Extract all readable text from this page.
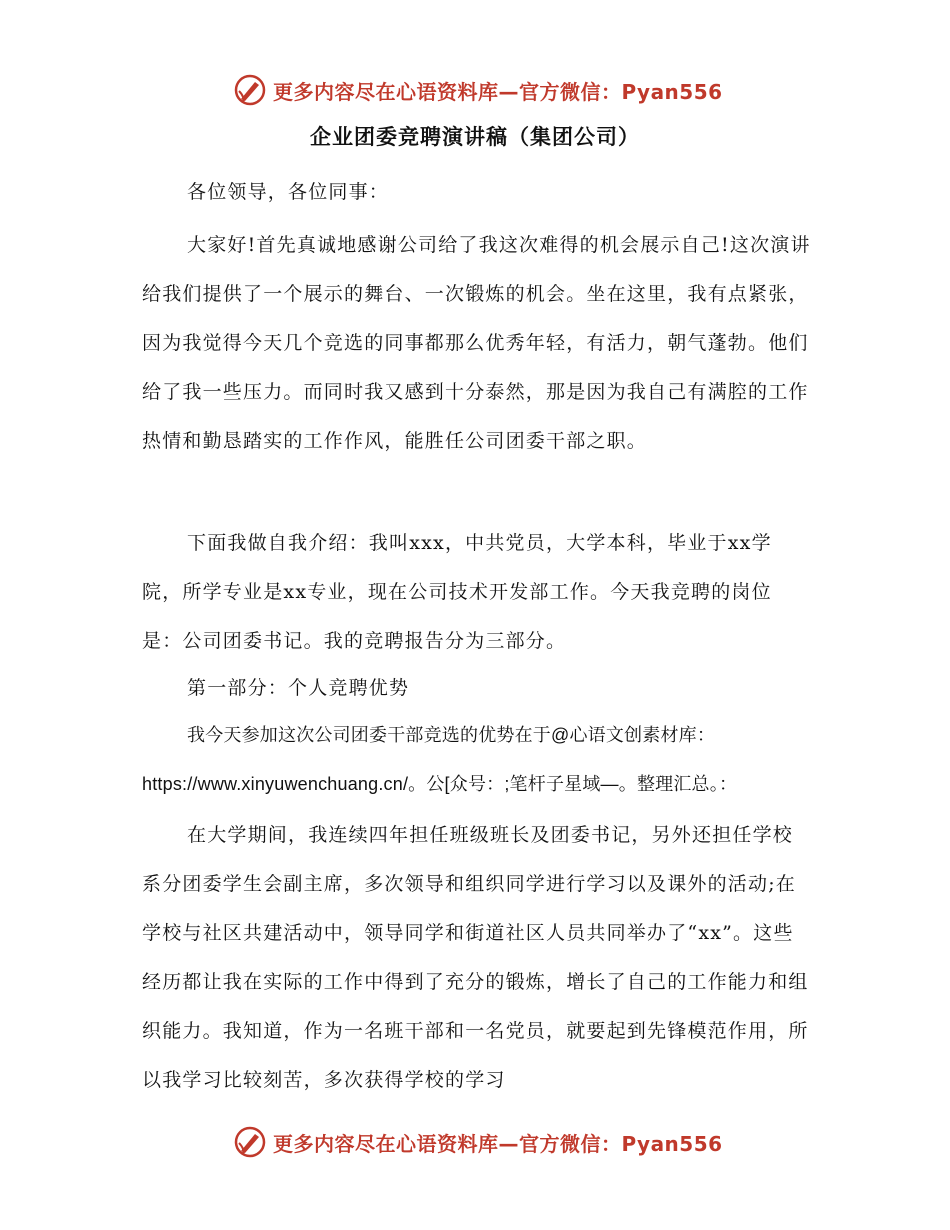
更多内容尽在心语资料库—官方微信：Pyan556
企业团委竞聘演讲稿（集团公司）

各位领导，各位同事：

大家好!首先真诚地感谢公司给了我这次难得的机会展示自己!这次演讲给我们提供了一个展示的舞台、一次锻炼的机会。坐在这里，我有点紧张，因为我觉得今天几个竞选的同事都那么优秀年轻，有活力，朝气蓬勃。他们给了我一些压力。而同时我又感到十分泰然，那是因为我自己有满腔的工作热情和勤恳踏实的工作作风，能胜任公司团委干部之职。

下面我做自我介绍：我叫xxx，中共党员，大学本科，毕业于xx学院，所学专业是xx专业，现在公司技术开发部工作。今天我竞聘的岗位是：公司团委书记。我的竞聘报告分为三部分。

第一部分：个人竞聘优势

我今天参加这次公司团委干部竞选的优势在于@心语文创素材库：https://www.xinyuwenchuang.cn/。公[众号：;笔杆子星域—。整理汇总。：

在大学期间，我连续四年担任班级班长及团委书记，另外还担任学校系分团委学生会副主席，多次领导和组织同学进行学习以及课外的活动;在学校与社区共建活动中，领导同学和街道社区人员共同举办了“xx”。这些经历都让我在实际的工作中得到了充分的锻炼，增长了自己的工作能力和组织能力。我知道，作为一名班干部和一名党员，就要起到先锋模范作用，所以我学习比较刻苦，多次获得学校的学习

更多内容尽在心语资料库—官方微信：Pyan556
